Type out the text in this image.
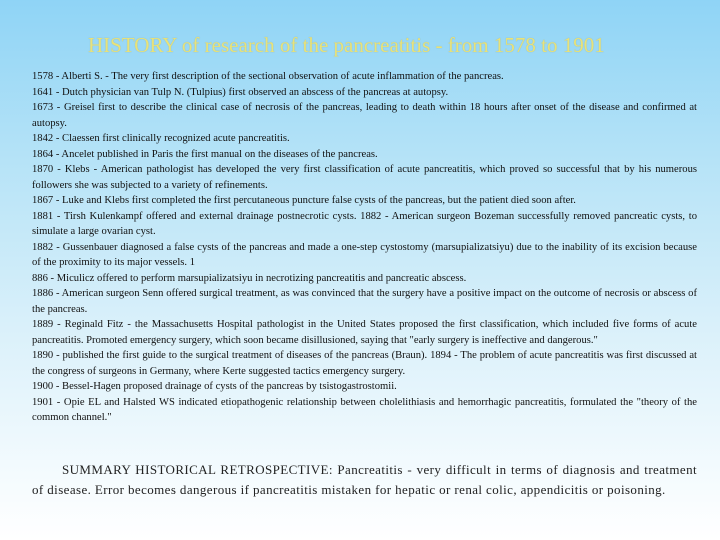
HISTORY of research of the pancreatitis - from 1578 to 1901

1578 - Alberti S. - The very first description of the sectional observation of acute inflammation of the pancreas.

1641 - Dutch physician van Tulp N. (Tulpius) first observed an abscess of the pancreas at autopsy.

1673 - Greisel first to describe the clinical case of necrosis of the pancreas, leading to death within 18 hours after onset of the disease and confirmed at autopsy.

1842 - Claessen first clinically recognized acute pancreatitis.

1864 - Ancelet published in Paris the first manual on the diseases of the pancreas.

1870 - Klebs - American pathologist has developed the very first classification of acute pancreatitis, which proved so successful that by his numerous followers she was subjected to a variety of refinements.

1867 - Luke and Klebs first completed the first percutaneous puncture false cysts of the pancreas, but the patient died soon after.

1881 - Tirsh Kulenkampf offered and external drainage postnecrotic cysts. 1882 - American surgeon Bozeman successfully removed pancreatic cysts, to simulate a large ovarian cyst.

1882 - Gussenbauer diagnosed a false cysts of the pancreas and made a one-step cystostomy (marsupializatsiyu) due to the inability of its excision because of the proximity to its major vessels. 1

886 - Miculicz offered to perform marsupializatsiyu in necrotizing pancreatitis and pancreatic abscess.

1886 - American surgeon Senn offered surgical treatment, as was convinced that the surgery have a positive impact on the outcome of necrosis or abscess of the pancreas.

1889 - Reginald Fitz - the Massachusetts Hospital pathologist in the United States proposed the first classification, which included five forms of acute pancreatitis. Promoted emergency surgery, which soon became disillusioned, saying that "early surgery is ineffective and dangerous."

1890 - published the first guide to the surgical treatment of diseases of the pancreas (Braun). 1894 - The problem of acute pancreatitis was first discussed at the congress of surgeons in Germany, where Kerte suggested tactics emergency surgery.

1900 - Bessel-Hagen proposed drainage of cysts of the pancreas by tsistogastrostomii.

1901 - Opie EL and Halsted WS indicated etiopathogenic relationship between cholelithiasis and hemorrhagic pancreatitis, formulated the "theory of the common channel."

SUMMARY HISTORICAL RETROSPECTIVE: Pancreatitis - very difficult in terms of diagnosis and treatment of disease. Error becomes dangerous if pancreatitis mistaken for hepatic or renal colic, appendicitis or poisoning.
